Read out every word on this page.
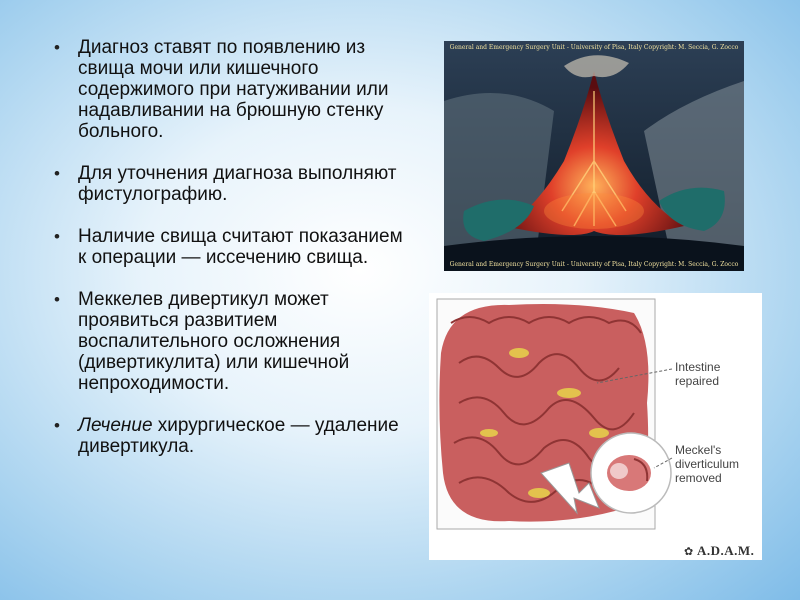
• Диагноз ставят по появлению из свища мочи или кишечного содержимого при натуживании или надавливании на брюшную стенку больного.
• Для уточнения диагноза выполняют фистулографию.
• Наличие свища считают показанием к операции — иссечению свища.
• Меккелев дивертикул может проявиться развитием воспалительного осложнения (дивертикулита) или кишечной непроходимости.
• Лечение хирургическое — удаление дивертикула.
General and Emergency Surgery Unit - University of Pisa, Italy Copyright: M. Seccia, G. Zocco
General and Emergency Surgery Unit - University of Pisa, Italy Copyright: M. Seccia, G. Zocco
Intestine
repaired
Meckel's
diverticulum
removed
✿ A.D.A.M.
